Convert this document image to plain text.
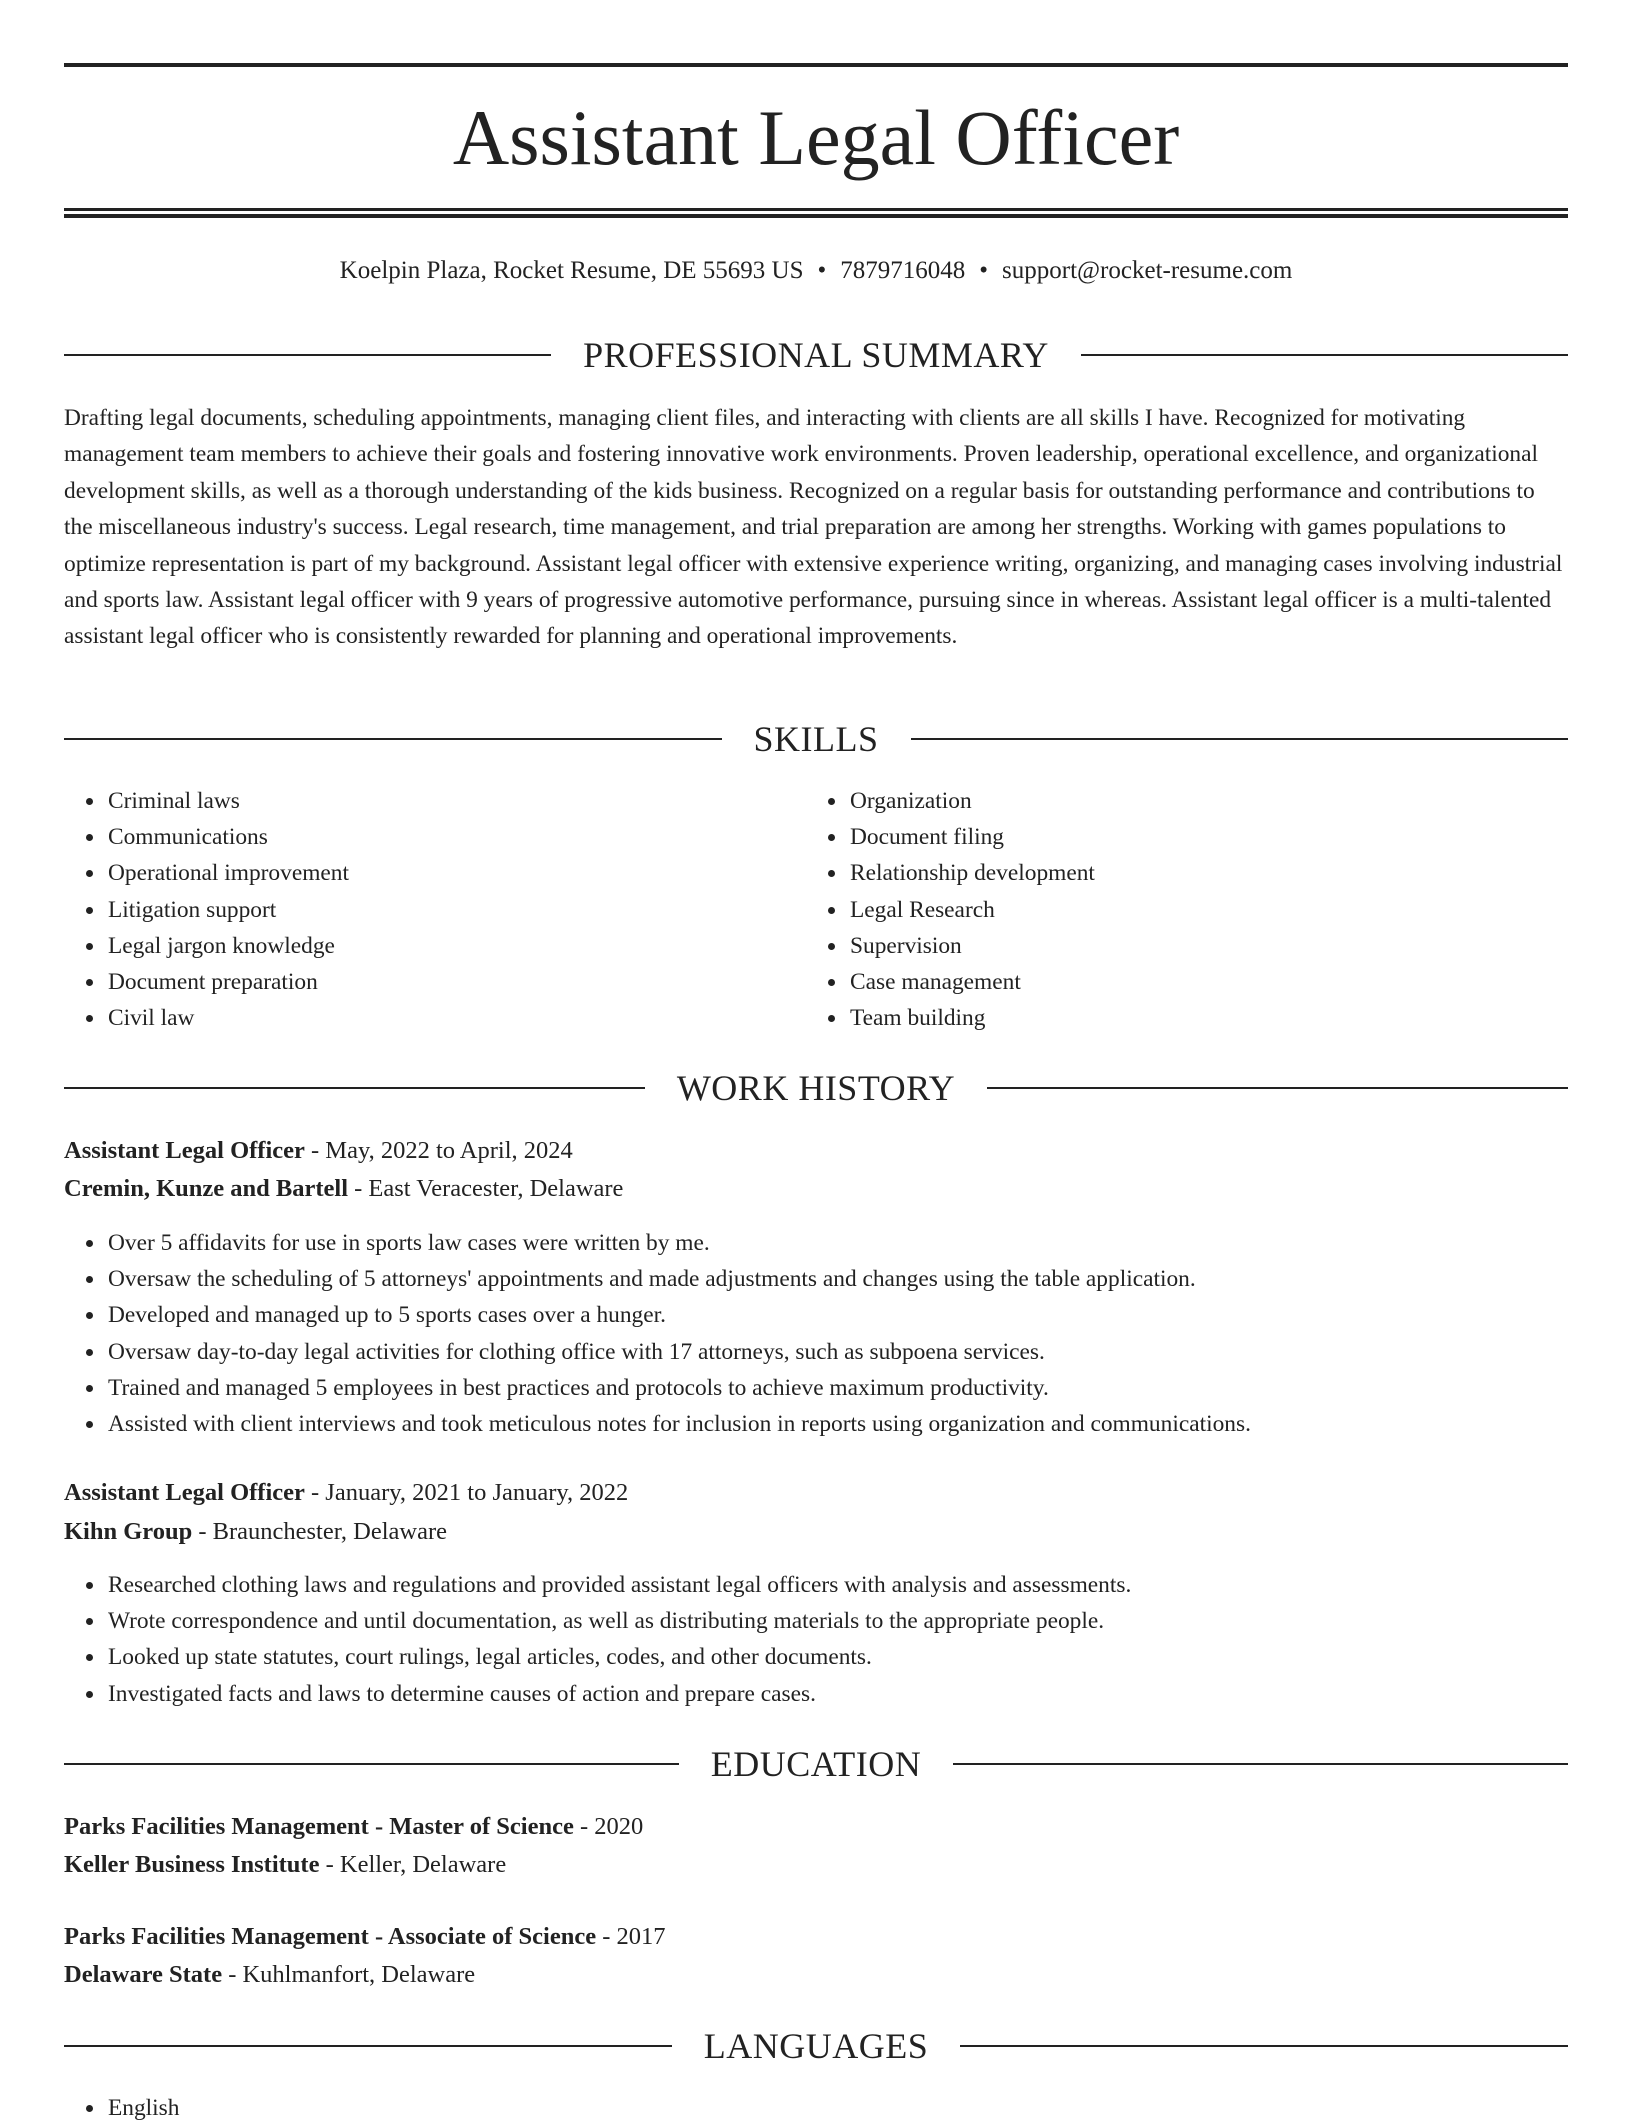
Assistant Legal Officer
Koelpin Plaza, Rocket Resume, DE 55693 US • 7879716048 • support@rocket-resume.com
PROFESSIONAL SUMMARY

Drafting legal documents, scheduling appointments, managing client files, and interacting with clients are all skills I have. Recognized for motivating management team members to achieve their goals and fostering innovative work environments. Proven leadership, operational excellence, and organizational development skills, as well as a thorough understanding of the kids business. Recognized on a regular basis for outstanding performance and contributions to the miscellaneous industry's success. Legal research, time management, and trial preparation are among her strengths. Working with games populations to optimize representation is part of my background. Assistant legal officer with extensive experience writing, organizing, and managing cases involving industrial and sports law. Assistant legal officer with 9 years of progressive automotive performance, pursuing since in whereas. Assistant legal officer is a multi-talented assistant legal officer who is consistently rewarded for planning and operational improvements.

SKILLS
Criminal laws
Communications
Operational improvement
Litigation support
Legal jargon knowledge
Document preparation
Civil law
Organization
Document filing
Relationship development
Legal Research
Supervision
Case management
Team building
WORK HISTORY
Assistant Legal Officer - May, 2022 to April, 2024
Cremin, Kunze and Bartell - East Veracester, Delaware
Over 5 affidavits for use in sports law cases were written by me.
Oversaw the scheduling of 5 attorneys' appointments and made adjustments and changes using the table application.
Developed and managed up to 5 sports cases over a hunger.
Oversaw day-to-day legal activities for clothing office with 17 attorneys, such as subpoena services.
Trained and managed 5 employees in best practices and protocols to achieve maximum productivity.
Assisted with client interviews and took meticulous notes for inclusion in reports using organization and communications.
Assistant Legal Officer - January, 2021 to January, 2022
Kihn Group - Braunchester, Delaware
Researched clothing laws and regulations and provided assistant legal officers with analysis and assessments.
Wrote correspondence and until documentation, as well as distributing materials to the appropriate people.
Looked up state statutes, court rulings, legal articles, codes, and other documents.
Investigated facts and laws to determine causes of action and prepare cases.
EDUCATION
Parks Facilities Management - Master of Science - 2020
Keller Business Institute - Keller, Delaware
Parks Facilities Management - Associate of Science - 2017
Delaware State - Kuhlmanfort, Delaware
LANGUAGES
English
